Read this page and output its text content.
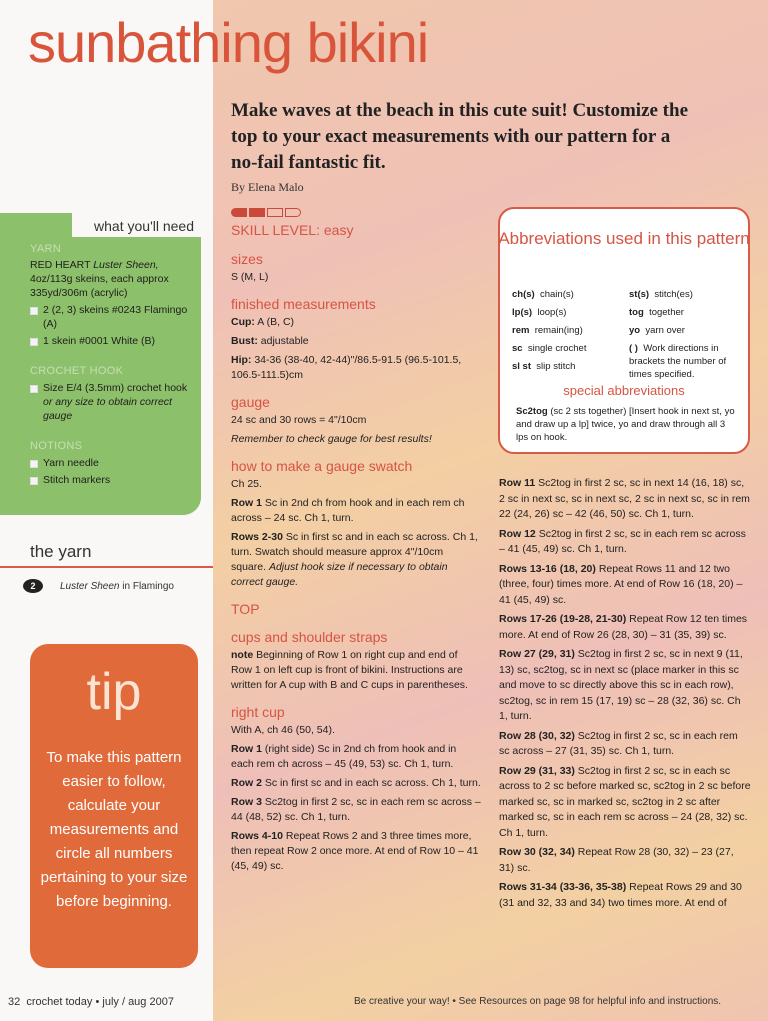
sunbathing bikini
Make waves at the beach in this cute suit! Customize the top to your exact measurements with our pattern for a no-fail fantastic fit.
By Elena Malo
what you'll need
YARN
RED HEART Luster Sheen, 4oz/113g skeins, each approx 335yd/306m (acrylic)
2 (2, 3) skeins #0243 Flamingo (A)
1 skein #0001 White (B)
CROCHET HOOK
Size E/4 (3.5mm) crochet hook or any size to obtain correct gauge
NOTIONS
Yarn needle
Stitch markers
the yarn
2 Luster Sheen
in Flamingo
tip
To make this pattern easier to follow, calculate your measurements and circle all numbers pertaining to your size before beginning.
SKILL LEVEL: easy
sizes

S (M, L)

finished measurements

Cup: A (B, C)

Bust: adjustable

Hip: 34-36 (38-40, 42-44)"/86.5-91.5 (96.5-101.5, 106.5-111.5)cm

gauge

24 sc and 30 rows = 4"/10cm

Remember to check gauge for best results!

how to make a gauge swatch

Ch 25.

Row 1 Sc in 2nd ch from hook and in each rem ch across – 24 sc. Ch 1, turn.

Rows 2-30 Sc in first sc and in each sc across. Ch 1, turn. Swatch should measure approx 4"/10cm square. Adjust hook size if necessary to obtain correct gauge.

TOP
cups and shoulder straps

note Beginning of Row 1 on right cup and end of Row 1 on left cup is front of bikini. Instructions are written for A cup with B and C cups in parentheses.

right cup

With A, ch 46 (50, 54).

Row 1 (right side) Sc in 2nd ch from hook and in each rem ch across – 45 (49, 53) sc. Ch 1, turn.

Row 2 Sc in first sc and in each sc across. Ch 1, turn.

Row 3 Sc2tog in first 2 sc, sc in each rem sc across – 44 (48, 52) sc. Ch 1, turn.

Rows 4-10 Repeat Rows 2 and 3 three times more, then repeat Row 2 once more. At end of Row 10 – 41 (45, 49) sc.

Abbreviations used in this pattern
ch(s) chain(s)
lp(s) loop(s)
rem remain(ing)
sc single crochet
sl st slip stitch
st(s) stitch(es)
tog together
yo yarn over
( ) Work directions in brackets the number of times specified.
special abbreviations
Sc2tog (sc 2 sts together) [Insert hook in next st, yo and draw up a lp] twice, yo and draw through all 3 lps on hook.

Row 11 Sc2tog in first 2 sc, sc in next 14 (16, 18) sc, 2 sc in next sc, sc in next sc, 2 sc in next sc, sc in rem 22 (24, 26) sc – 42 (46, 50) sc. Ch 1, turn.

Row 12 Sc2tog in first 2 sc, sc in each rem sc across – 41 (45, 49) sc. Ch 1, turn.

Rows 13-16 (18, 20) Repeat Rows 11 and 12 two (three, four) times more. At end of Row 16 (18, 20) – 41 (45, 49) sc.

Rows 17-26 (19-28, 21-30) Repeat Row 12 ten times more. At end of Row 26 (28, 30) – 31 (35, 39) sc.

Row 27 (29, 31) Sc2tog in first 2 sc, sc in next 9 (11, 13) sc, sc2tog, sc in next sc (place marker in this sc and move to sc directly above this sc in each row), sc2tog, sc in rem 15 (17, 19) sc – 28 (32, 36) sc. Ch 1, turn.

Row 28 (30, 32) Sc2tog in first 2 sc, sc in each rem sc across – 27 (31, 35) sc. Ch 1, turn.

Row 29 (31, 33) Sc2tog in first 2 sc, sc in each sc across to 2 sc before marked sc, sc2tog in 2 sc before marked sc, sc in marked sc, sc2tog in 2 sc after marked sc, sc in each rem sc across – 24 (28, 32) sc. Ch 1, turn.

Row 30 (32, 34) Repeat Row 28 (30, 32) – 23 (27, 31) sc.

Rows 31-34 (33-36, 35-38) Repeat Rows 29 and 30 (31 and 32, 33 and 34) two times more. At end of

32 crochet today • july / aug 2007	Be creative your way! • See Resources on page 98 for helpful info and instructions.
